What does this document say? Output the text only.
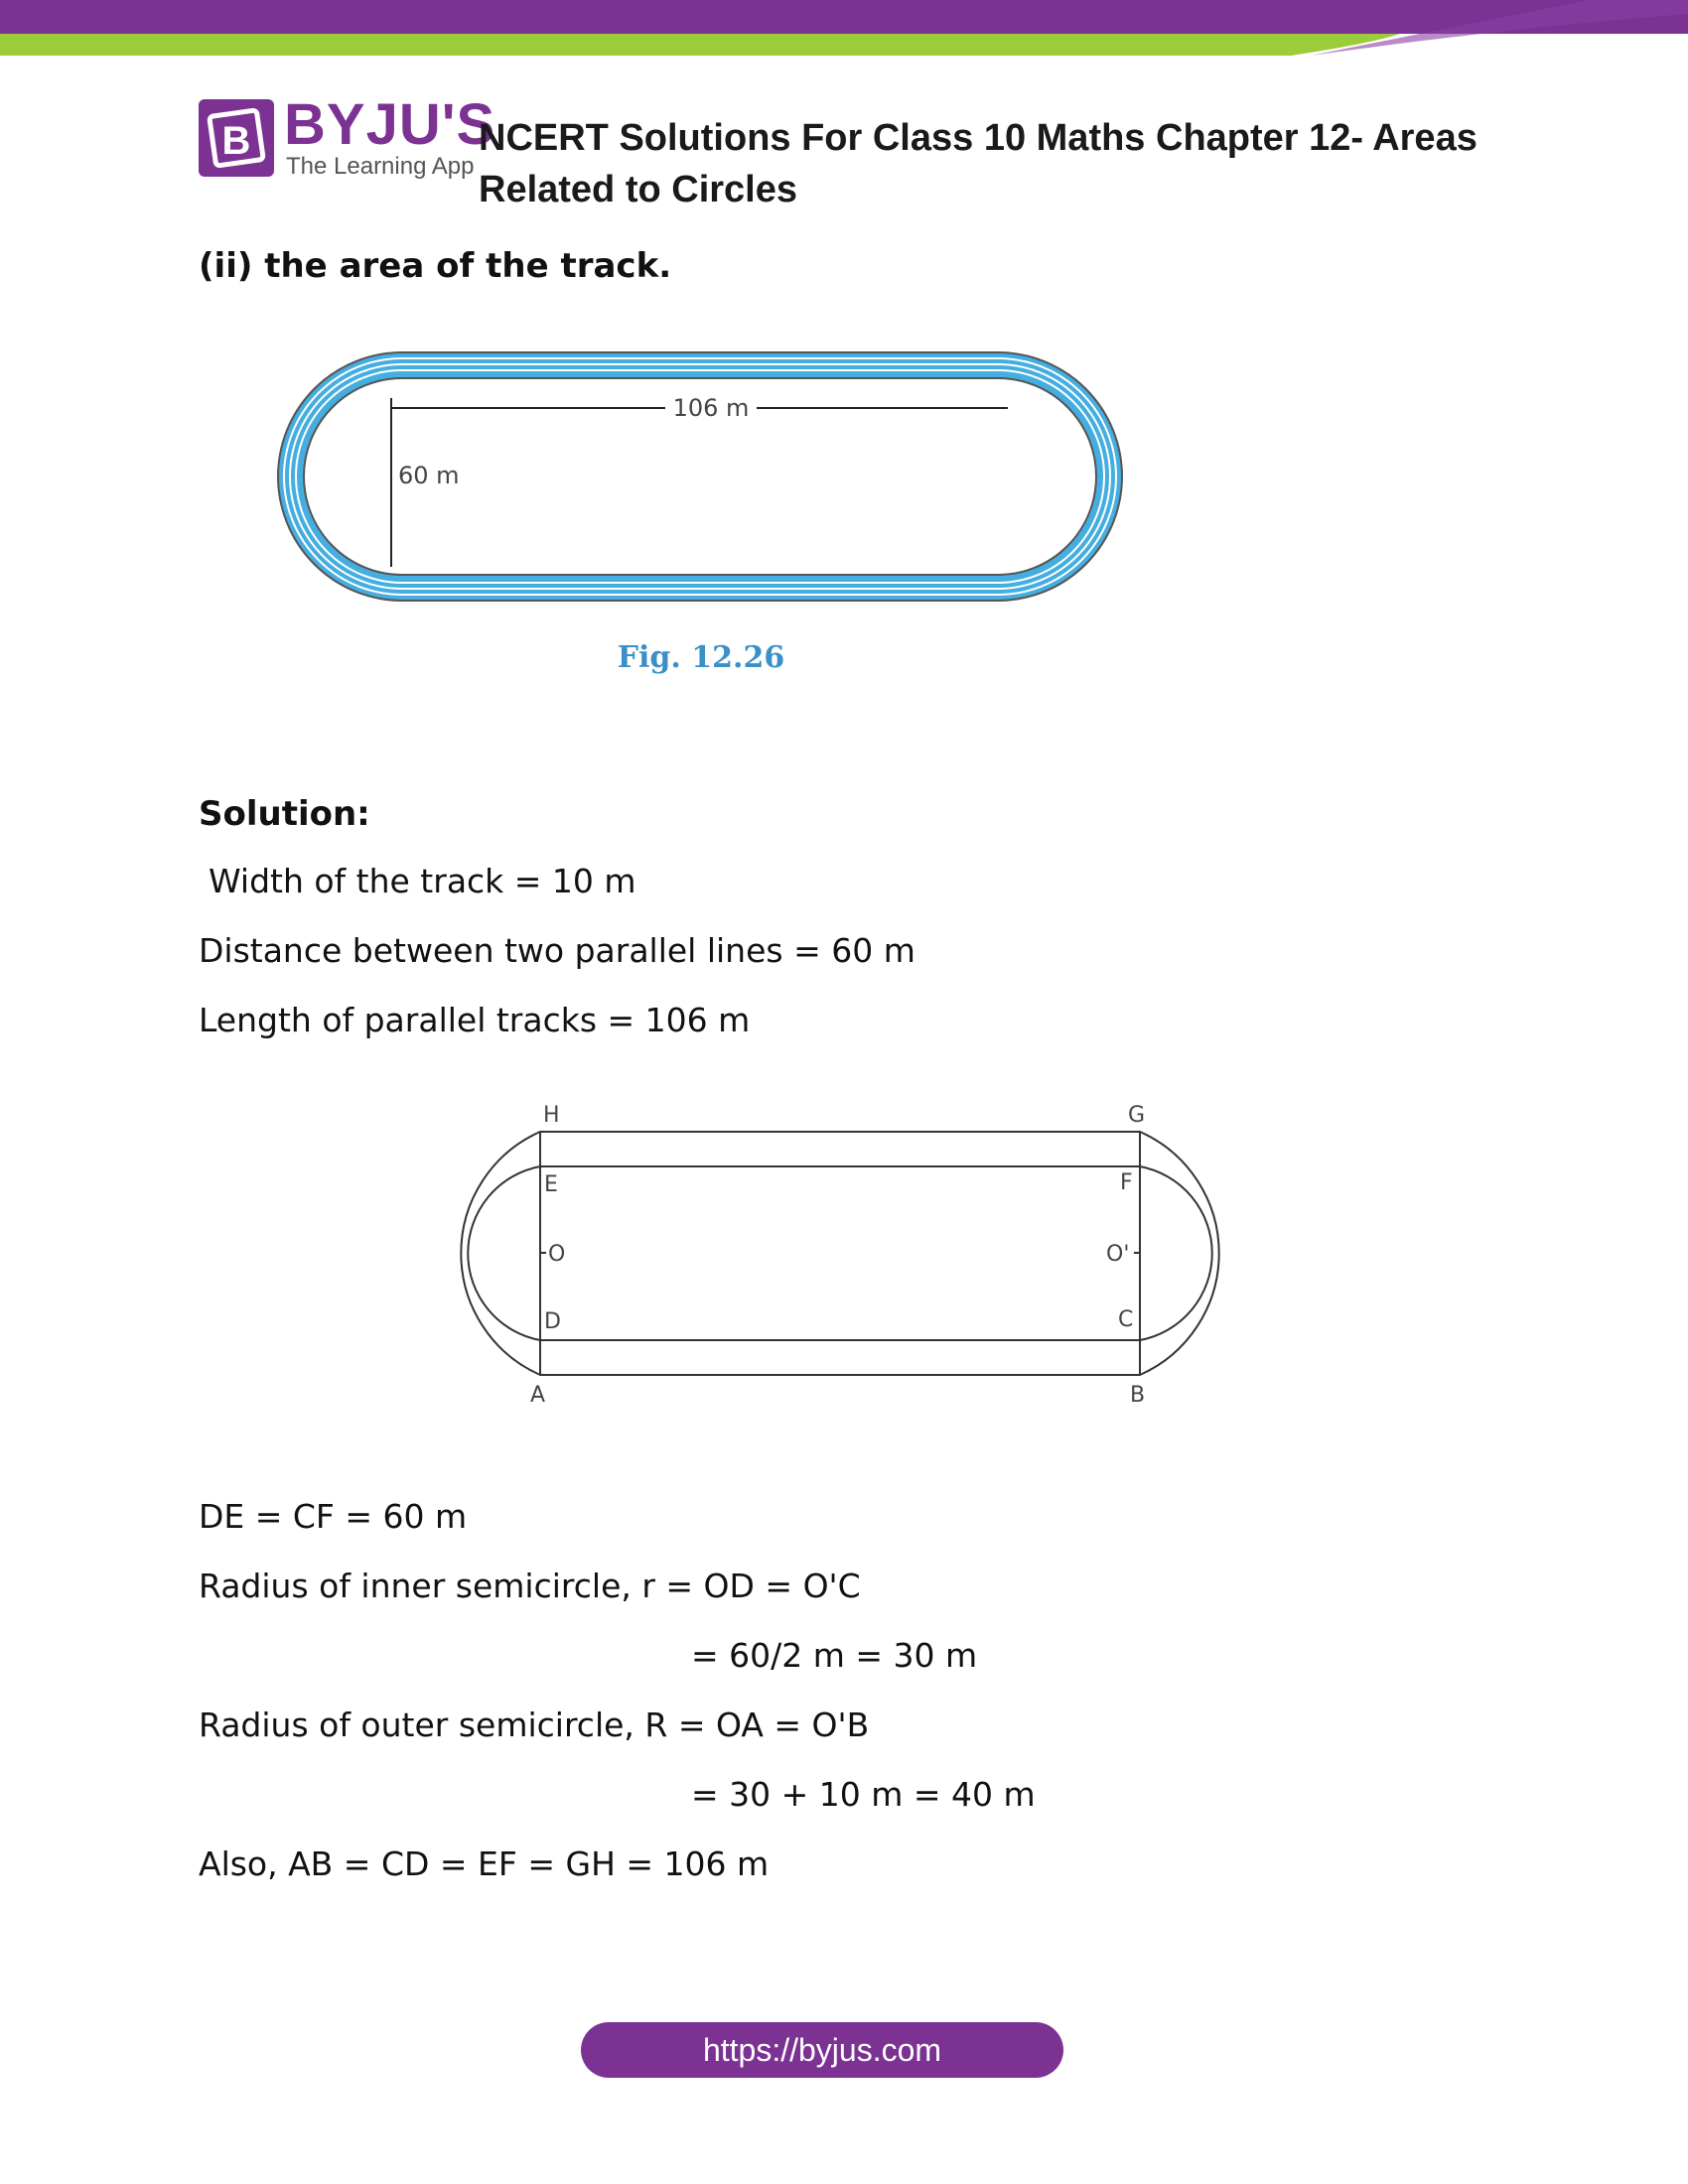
B BYJU'S
The Learning App
NCERT Solutions For Class 10 Maths Chapter 12- Areas Related to Circles
(ii) the area of the track.
106 m
60 m
Fig. 12.26
Solution:
Width of the track = 10 m
Distance between two parallel lines = 60 m
Length of parallel tracks = 106 m
H	G
E	F
O	O'
D	C
A	B
DE = CF = 60 m
Radius of inner semicircle, r = OD = O'C
= 60/2 m = 30 m
Radius of outer semicircle, R = OA = O'B
= 30 + 10 m = 40 m
Also, AB = CD = EF = GH = 106 m
https://byjus.com
